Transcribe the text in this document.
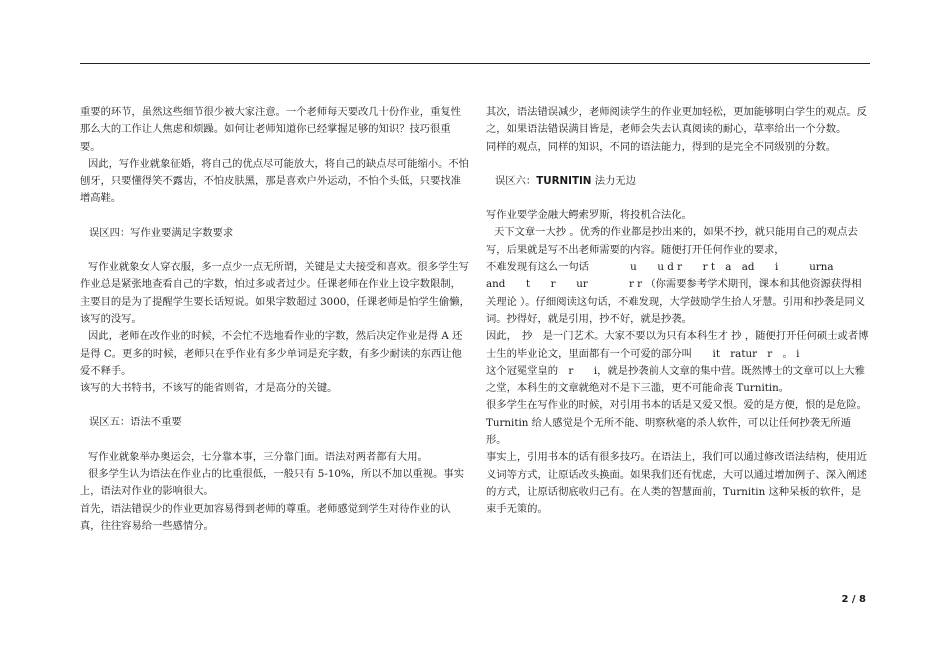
重要的环节，虽然这些细节很少被大家注意。一个老师每天要改几十份作业，重复性那么大的工作让人焦虑和烦躁。如何让老师知道你已经掌握足够的知识？技巧很重要。

因此，写作业就象征婚，将自己的优点尽可能放大，将自己的缺点尽可能缩小。不怕刨牙，只要懂得笑不露齿，不怕皮肤黑，那是喜欢户外运动，不怕个头低，只要找准增高鞋。

误区四：写作业要满足字数要求

写作业就象女人穿衣服，多一点少一点无所谓，关键是丈夫接受和喜欢。很多学生写作业总是紧张地查看自己的字数，怕过多或者过少。任课老师在作业上设字数限制，主要目的是为了提醒学生要长话短说。如果字数超过 3000，任课老师是怕学生偷懒，该写的没写。

因此，老师在改作业的时候，不会忙不迭地看作业的字数，然后决定作业是得 A 还是得 C。更多的时候，老师只在乎作业有多少单词是充字数，有多少耐读的东西让他爱不释手。

该写的大书特书，不该写的能省则省，才是高分的关键。

误区五：语法不重要

写作业就象举办奥运会，七分靠本事，三分靠门面。语法对两者都有大用。

很多学生认为语法在作业占的比重很低，一般只有 5-10%，所以不加以重视。事实上，语法对作业的影响很大。

首先，语法错误少的作业更加容易得到老师的尊重。老师感觉到学生对待作业的认真，往往容易给一些感情分。

其次，语法错误减少，老师阅读学生的作业更加轻松，更加能够明白学生的观点。反之，如果语法错误满目皆是，老师会失去认真阅读的耐心，草率给出一个分数。

同样的观点，同样的知识，不同的语法能力，得到的是完全不同级别的分数。

误区六：TURNITIN 法力无边

写作业要学金融大鳄索罗斯，将投机合法化。

天下文章一大抄 。优秀的作业都是抄出来的，如果不抄，就只能用自己的观点去写，后果就是写不出老师需要的内容。随便打开任何作业的要求，

不难发现有这么一句话　　　　u　　u d r　　r t　a　ad　　i　　　urna

and　　t　　r　　ur　　　　r r （你需要参考学术期刊，课本和其他资源获得相关理论 ）。仔细阅读这句话，不难发现，大学鼓励学生拾人牙慧。引用和抄袭是同义词。抄得好，就是引用，抄不好，就是抄袭。

因此，　抄　是一门艺术。大家不要以为只有本科生才 抄 ，随便打开任何硕士或者博士生的毕业论文，里面都有一个可爱的部分叫　　it　ratur　r　。 i

这个冠冕堂皇的　r　　i，就是抄袭前人文章的集中营。既然博士的文章可以上大雅之堂，本科生的文章就绝对不是下三滥，更不可能命丧 Turnitin。

很多学生在写作业的时候，对引用书本的话是又爱又恨。爱的是方便，恨的是危险。Turnitin 给人感觉是个无所不能、明察秋毫的杀人软件，可以让任何抄袭无所遁形。

事实上，引用书本的话有很多技巧。在语法上，我们可以通过修改语法结构，使用近义词等方式，让原话改头换面。如果我们还有忧虑，大可以通过增加例子、深入阐述的方式，让原话彻底收归己有。在人类的智慧面前，Turnitin 这种呆板的软件，是束手无策的。

2 / 8
